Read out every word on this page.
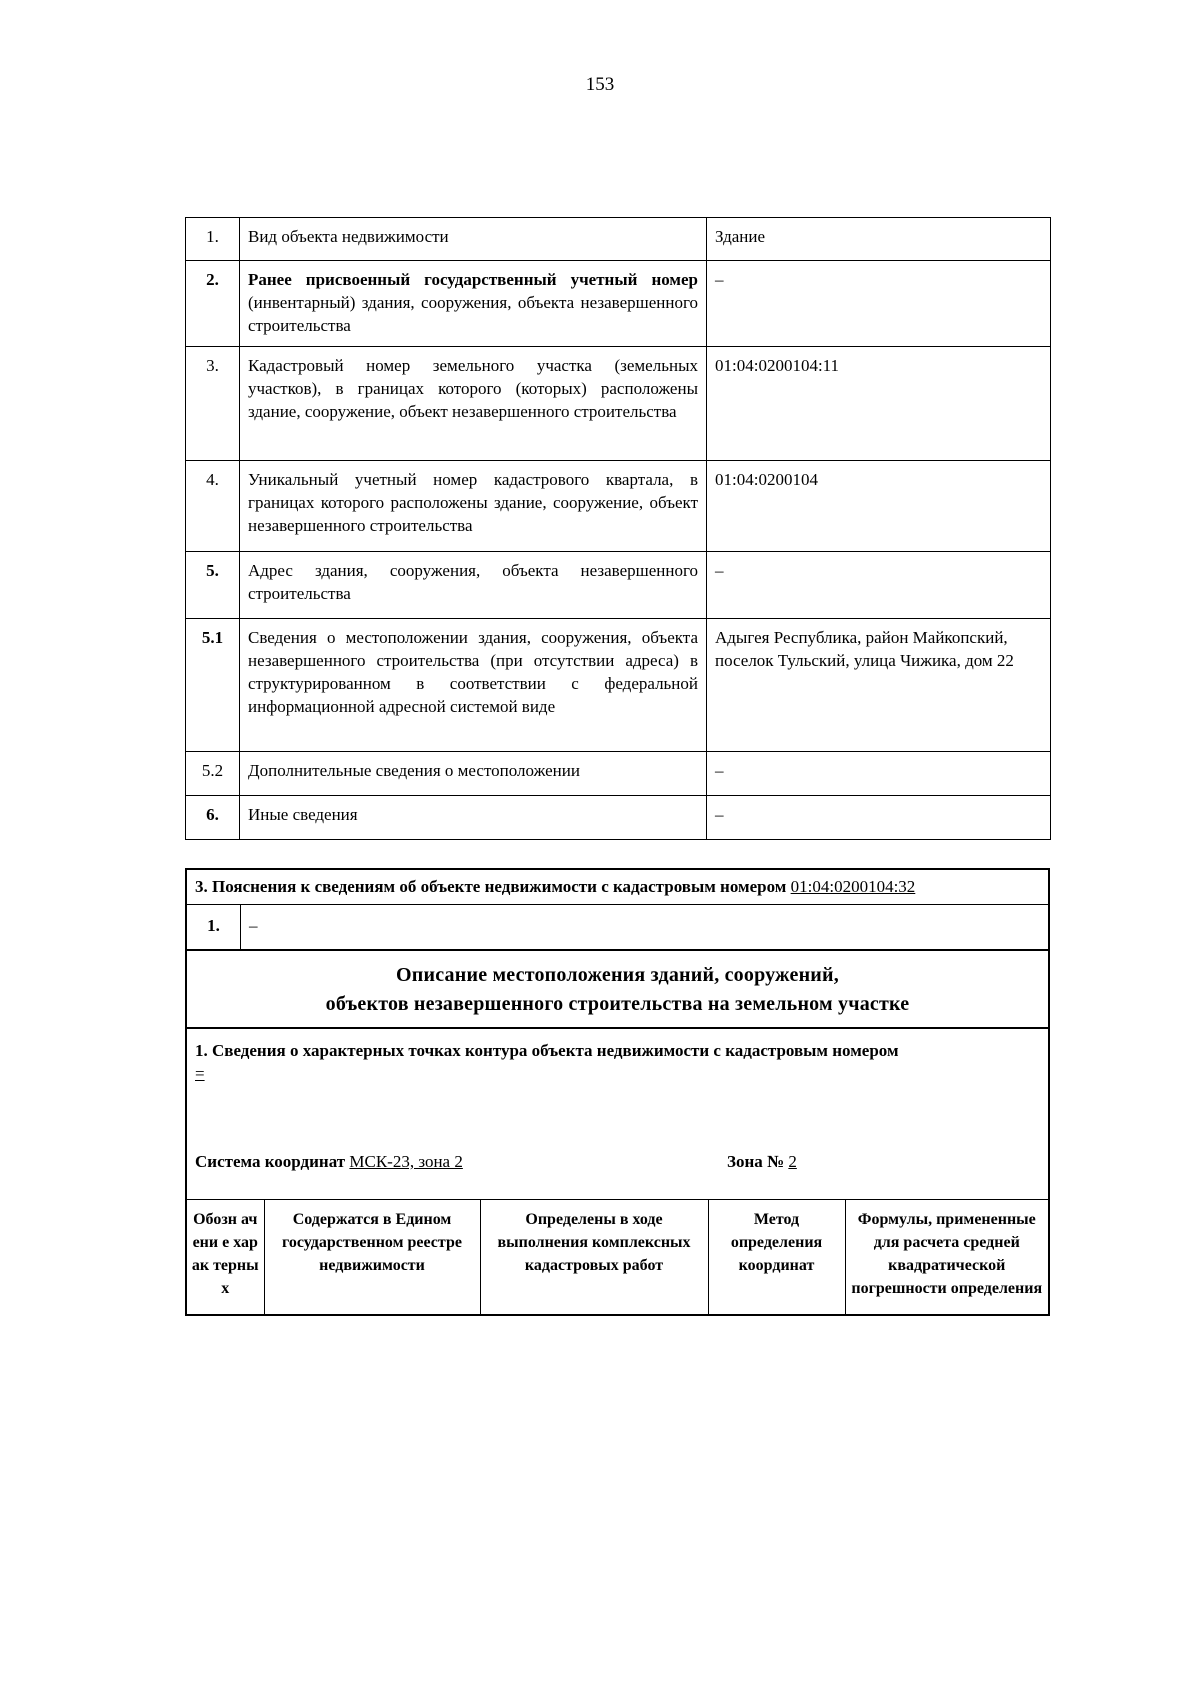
153
1.	Вид объекта недвижимости	Здание
2.	Ранее присвоенный государственный учетный номер (инвентарный) здания, сооружения, объекта незавершенного строительства	–
3.	Кадастровый номер земельного участка (земельных участков), в границах которого (которых) расположены здание, сооружение, объект незавершенного строительства	01:04:0200104:11
4.	Уникальный учетный номер кадастрового квартала, в границах которого расположены здание, сооружение, объект незавершенного строительства	01:04:0200104
5.	Адрес здания, сооружения, объекта незавершенного строительства	–
5.1	Сведения о местоположении здания, сооружения, объекта незавершенного строительства (при отсутствии адреса) в структурированном в соответствии с федеральной информационной адресной системой виде	Адыгея Республика, район Майкопский, поселок Тульский, улица Чижика, дом 22
5.2	Дополнительные сведения о местоположении	–
6.	Иные сведения	–
3. Пояснения к сведениям об объекте недвижимости с кадастровым номером 01:04:0200104:32
1.	–
Описание местоположения зданий, сооружений,
объектов незавершенного строительства на земельном участке
1. Сведения о характерных точках контура объекта недвижимости с кадастровым номером
=
Система координат МСК-23, зона 2	Зона № 2
Обозн ачени е харак терны х	Содержатся в Едином государственном реестре недвижимости	Определены в ходе выполнения комплексных кадастровых работ	Метод определения координат	Формулы, примененные для расчета средней квадратической погрешности определения
